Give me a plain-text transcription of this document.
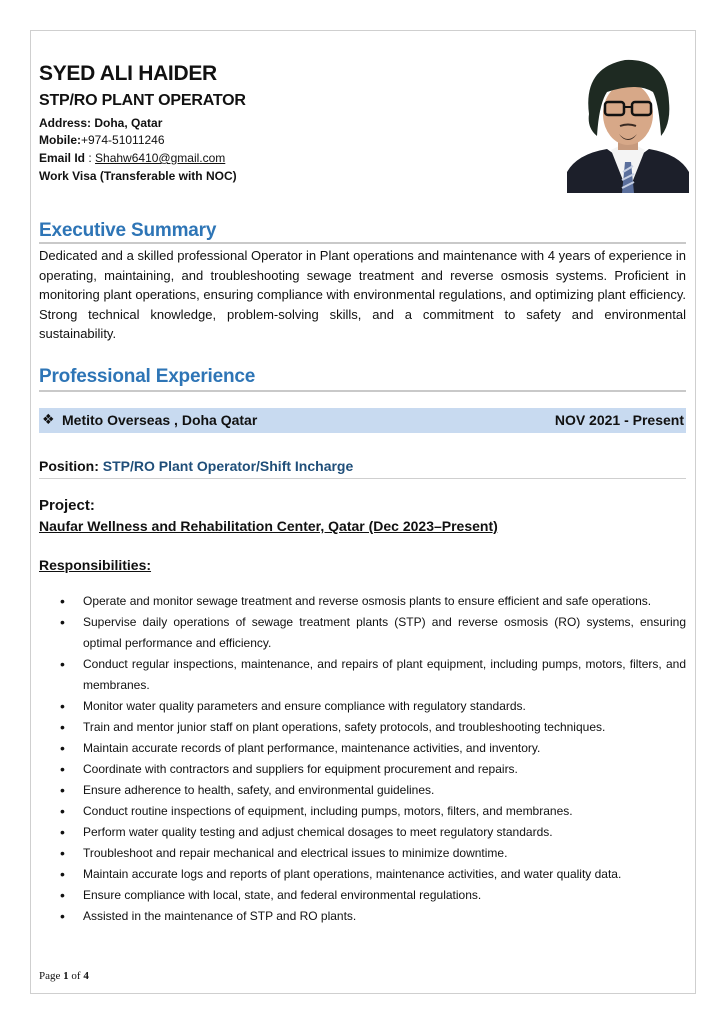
SYED ALI HAIDER
STP/RO PLANT OPERATOR
Address: Doha, Qatar
Mobile:+974-51011246
Email Id : Shahw6410@gmail.com
Work Visa (Transferable with NOC)
Executive Summary
Dedicated and a skilled professional Operator in Plant operations and maintenance with 4 years of experience in operating, maintaining, and troubleshooting sewage treatment and reverse osmosis systems. Proficient in monitoring plant operations, ensuring compliance with environmental regulations, and optimizing plant efficiency. Strong technical knowledge, problem-solving skills, and a commitment to safety and environmental sustainability.
Professional Experience
❖ Metito Overseas , Doha Qatar	NOV 2021 - Present
Position: STP/RO Plant Operator/Shift Incharge
Project:
Naufar Wellness and Rehabilitation Center, Qatar (Dec 2023–Present)
Responsibilities:
• Operate and monitor sewage treatment and reverse osmosis plants to ensure efficient and safe operations.
• Supervise daily operations of sewage treatment plants (STP) and reverse osmosis (RO) systems, ensuring optimal performance and efficiency.
• Conduct regular inspections, maintenance, and repairs of plant equipment, including pumps, motors, filters, and membranes.
• Monitor water quality parameters and ensure compliance with regulatory standards.
• Train and mentor junior staff on plant operations, safety protocols, and troubleshooting techniques.
• Maintain accurate records of plant performance, maintenance activities, and inventory.
• Coordinate with contractors and suppliers for equipment procurement and repairs.
• Ensure adherence to health, safety, and environmental guidelines.
• Conduct routine inspections of equipment, including pumps, motors, filters, and membranes.
• Perform water quality testing and adjust chemical dosages to meet regulatory standards.
• Troubleshoot and repair mechanical and electrical issues to minimize downtime.
• Maintain accurate logs and reports of plant operations, maintenance activities, and water quality data.
• Ensure compliance with local, state, and federal environmental regulations.
• Assisted in the maintenance of STP and RO plants.
Page 1 of 4
